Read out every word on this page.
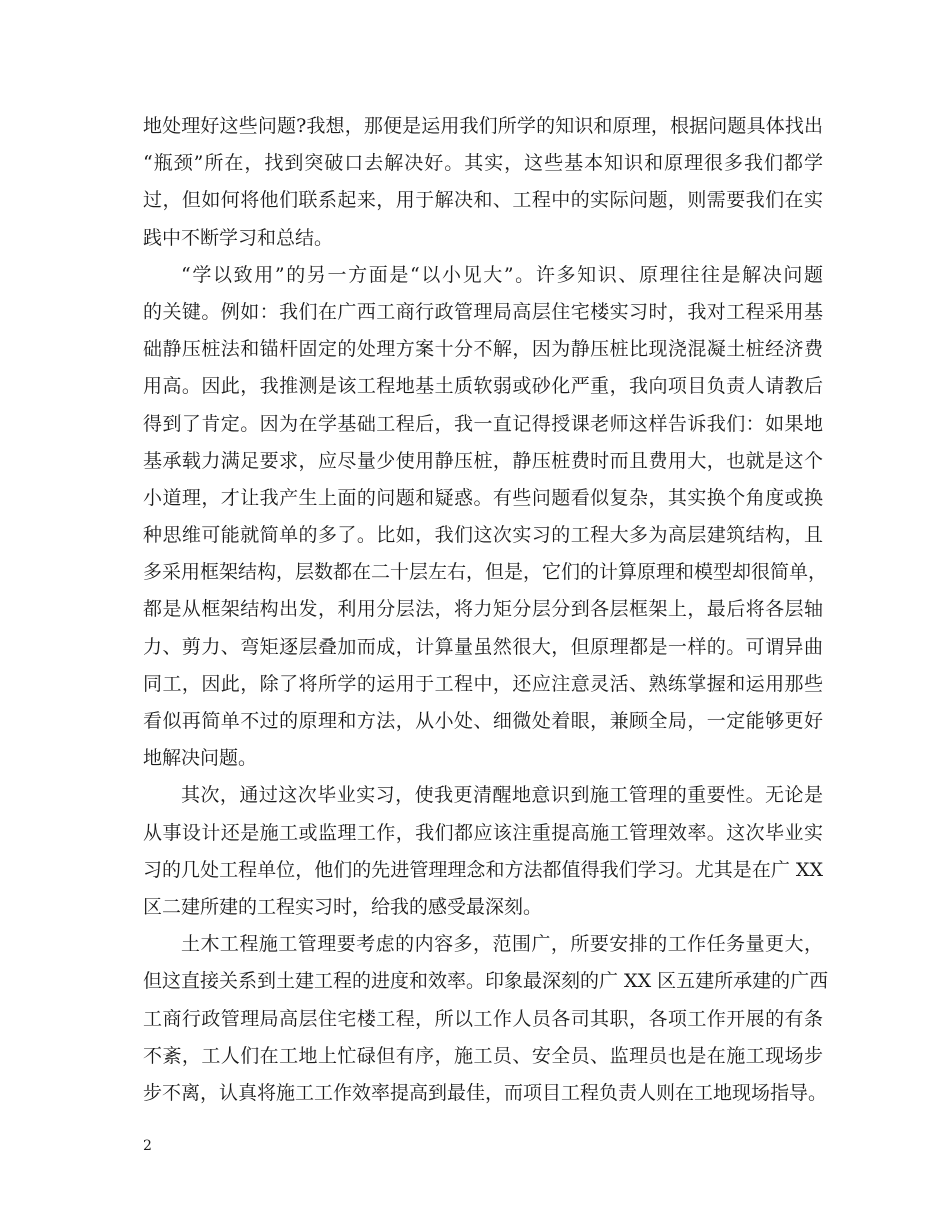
地处理好这些问题?我想，那便是运用我们所学的知识和原理，根据问题具体找出
“瓶颈”所在，找到突破口去解决好。其实，这些基本知识和原理很多我们都学
过，但如何将他们联系起来，用于解决和、工程中的实际问题，则需要我们在实
践中不断学习和总结。
“学以致用”的另一方面是“以小见大”。许多知识、原理往往是解决问题
的关键。例如：我们在广西工商行政管理局高层住宅楼实习时，我对工程采用基
础静压桩法和锚杆固定的处理方案十分不解，因为静压桩比现浇混凝土桩经济费
用高。因此，我推测是该工程地基土质软弱或砂化严重，我向项目负责人请教后
得到了肯定。因为在学基础工程后，我一直记得授课老师这样告诉我们：如果地
基承载力满足要求，应尽量少使用静压桩，静压桩费时而且费用大，也就是这个
小道理，才让我产生上面的问题和疑惑。有些问题看似复杂，其实换个角度或换
种思维可能就简单的多了。比如，我们这次实习的工程大多为高层建筑结构，且
多采用框架结构，层数都在二十层左右，但是，它们的计算原理和模型却很简单，
都是从框架结构出发，利用分层法，将力矩分层分到各层框架上，最后将各层轴
力、剪力、弯矩逐层叠加而成，计算量虽然很大，但原理都是一样的。可谓异曲
同工，因此，除了将所学的运用于工程中，还应注意灵活、熟练掌握和运用那些
看似再简单不过的原理和方法，从小处、细微处着眼，兼顾全局，一定能够更好
地解决问题。
其次，通过这次毕业实习，使我更清醒地意识到施工管理的重要性。无论是
从事设计还是施工或监理工作，我们都应该注重提高施工管理效率。这次毕业实
习的几处工程单位，他们的先进管理理念和方法都值得我们学习。尤其是在广 XX
区二建所建的工程实习时，给我的感受最深刻。
土木工程施工管理要考虑的内容多，范围广，所要安排的工作任务量更大，
但这直接关系到土建工程的进度和效率。印象最深刻的广 XX 区五建所承建的广西
工商行政管理局高层住宅楼工程，所以工作人员各司其职，各项工作开展的有条
不紊，工人们在工地上忙碌但有序，施工员、安全员、监理员也是在施工现场步
步不离，认真将施工工作效率提高到最佳，而项目工程负责人则在工地现场指导。
2
